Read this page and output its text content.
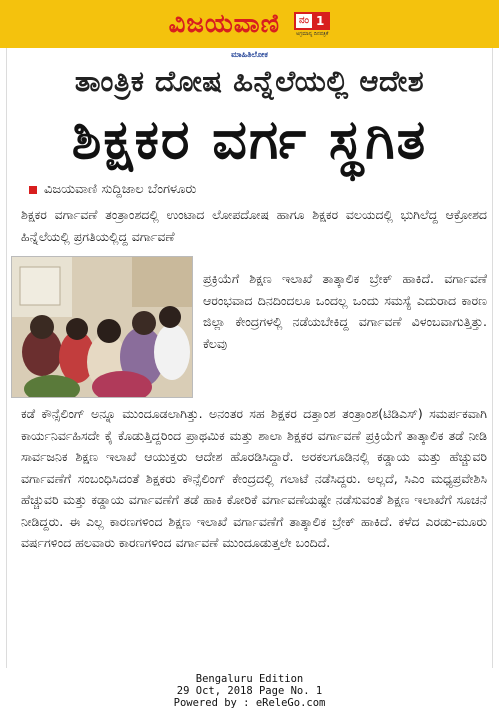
ವಿಜಯವಾಣಿ	ನಂ 1
ಅಗ್ರಮಾನ್ಯ ದಿನಪತ್ರಿಕೆ
ಮಾಹಿತಿಲೋಕ
ತಾಂತ್ರಿಕ ದೋಷ ಹಿನ್ನೆಲೆಯಲ್ಲಿ ಆದೇಶ
ಶಿಕ್ಷಕರ ವರ್ಗ ಸ್ಥಗಿತ
ವಿಜಯವಾಣಿ ಸುದ್ದಿಜಾಲ ಬೆಂಗಳೂರು

ಶಿಕ್ಷಕರ ವರ್ಗಾವಣೆ ತಂತ್ರಾಂಶದಲ್ಲಿ ಉಂಟಾದ ಲೋಪದೋಷ ಹಾಗೂ ಶಿಕ್ಷಕರ ವಲಯದಲ್ಲಿ ಭುಗಿಲೆದ್ದ ಆಕ್ರೋಶದ ಹಿನ್ನೆಲೆಯಲ್ಲಿ ಪ್ರಗತಿಯಲ್ಲಿದ್ದ ವರ್ಗಾವಣೆ

ಪ್ರಕ್ರಿಯೆಗೆ ಶಿಕ್ಷಣ ಇಲಾಖೆ ತಾತ್ಕಾಲಿಕ ಬ್ರೇಕ್ ಹಾಕಿದೆ. ವರ್ಗಾವಣೆ ಆರಂಭವಾದ ದಿನದಿಂದಲೂ ಒಂದಲ್ಲ ಒಂದು ಸಮಸ್ಯೆ ಎದುರಾದ ಕಾರಣ ಜಿಲ್ಲಾ ಕೇಂದ್ರಗಳಲ್ಲಿ ನಡೆಯಬೇಕಿದ್ದ ವರ್ಗಾವಣೆ ವಿಳಂಬವಾಗುತ್ತಿತ್ತು. ಕೆಲವು

ಕಡೆ ಕೌನ್ಸೆಲಿಂಗ್ ಅನ್ನೂ ಮುಂದೂಡಲಾಗಿತ್ತು. ಅನಂತರ ಸಹ ಶಿಕ್ಷಕರ ದತ್ತಾಂಶ ತಂತ್ರಾಂಶ(ಟಿಡಿಎಸ್) ಸಮರ್ಪಕವಾಗಿ ಕಾರ್ಯನಿರ್ವಹಿಸದೇ ಕೈ ಕೊಡುತ್ತಿದ್ದರಿಂದ ಪ್ರಾಥಮಿಕ ಮತ್ತು ಶಾಲಾ ಶಿಕ್ಷಕರ ವರ್ಗಾವಣೆ ಪ್ರಕ್ರಿಯೆಗೆ ತಾತ್ಕಾಲಿಕ ತಡೆ ನೀಡಿ ಸಾರ್ವಜನಿಕ ಶಿಕ್ಷಣ ಇಲಾಖೆ ಆಯುಕ್ತರು ಆದೇಶ ಹೊರಡಿಸಿದ್ದಾರೆ. ಅರಕಲಗೂಡಿನಲ್ಲಿ ಕಡ್ಡಾಯ ಮತ್ತು ಹೆಚ್ಚುವರಿ ವರ್ಗಾವಣೆಗೆ ಸಂಬಂಧಿಸಿದಂತೆ ಶಿಕ್ಷಕರು ಕೌನ್ಸೆಲಿಂಗ್ ಕೇಂದ್ರದಲ್ಲಿ ಗಲಾಟೆ ನಡೆಸಿದ್ದರು. ಅಲ್ಲದೆ, ಸಿಎಂ ಮಧ್ಯಪ್ರವೇಶಿಸಿ ಹೆಚ್ಚುವರಿ ಮತ್ತು ಕಡ್ಡಾಯ ವರ್ಗಾವಣೆಗೆ ತಡೆ ಹಾಕಿ ಕೋರಿಕೆ ವರ್ಗಾವಣೆಯಷ್ಟೇ ನಡೆಸುವಂತೆ ಶಿಕ್ಷಣ ಇಲಾಖೆಗೆ ಸೂಚನೆ ನೀಡಿದ್ದರು. ಈ ಎಲ್ಲ ಕಾರಣಗಳಿಂದ ಶಿಕ್ಷಣ ಇಲಾಖೆ ವರ್ಗಾವಣೆಗೆ ತಾತ್ಕಾಲಿಕ ಬ್ರೇಕ್ ಹಾಕಿದೆ. ಕಳೆದ ಎರಡು-ಮೂರು ವರ್ಷಗಳಿಂದ ಹಲವಾರು ಕಾರಣಗಳಿಂದ ವರ್ಗಾವಣೆ ಮುಂದೂಡುತ್ತಲೇ ಬಂದಿದೆ.

Bengaluru Edition
29 Oct, 2018 Page No. 1
Powered by : eReleGo.com
